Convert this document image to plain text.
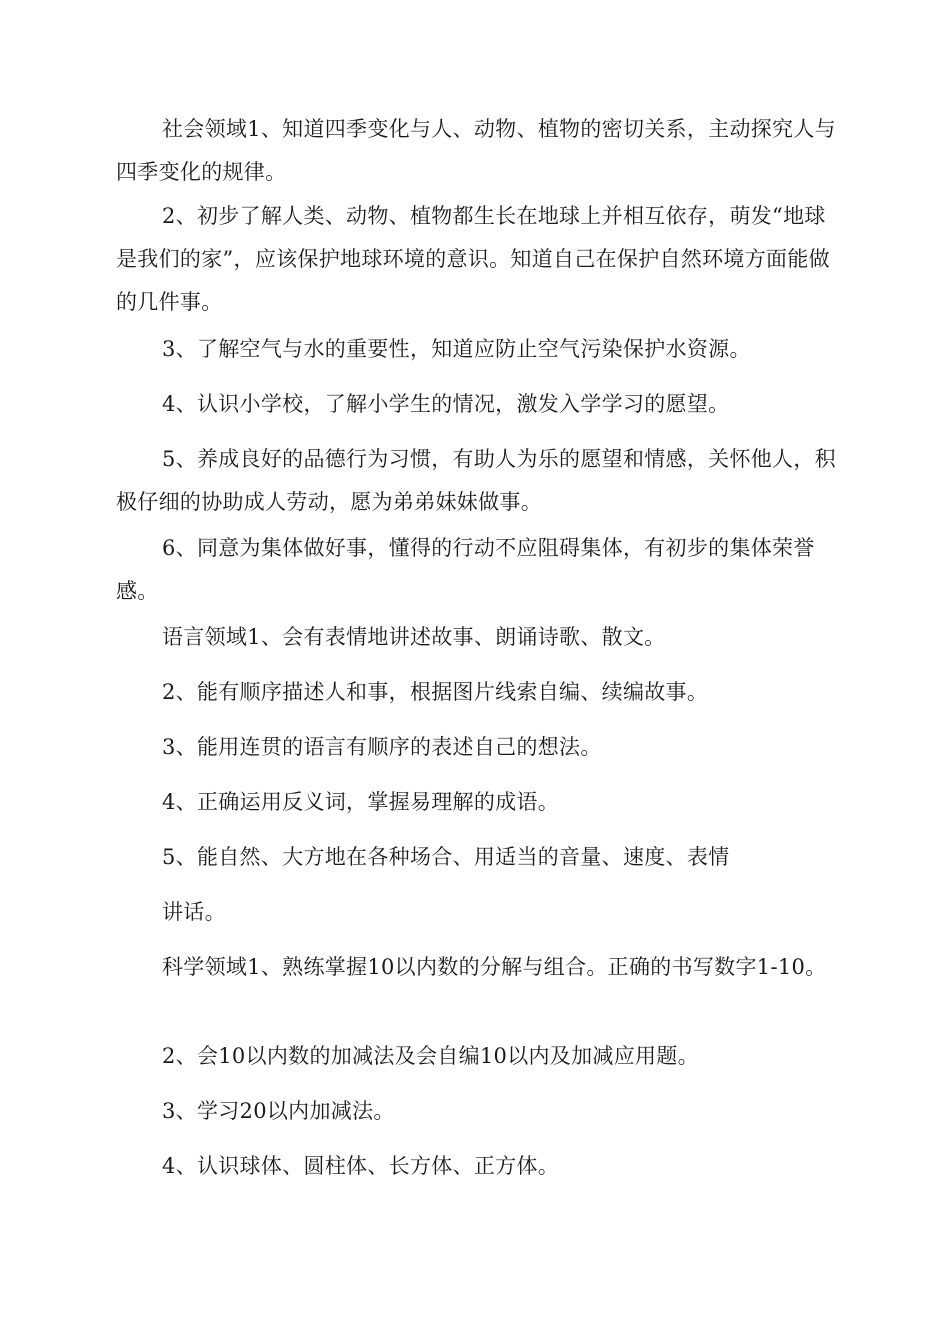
社会领域1、知道四季变化与人、动物、植物的密切关系，主动探究人与四季变化的规律。

2、初步了解人类、动物、植物都生长在地球上并相互依存，萌发“地球是我们的家”，应该保护地球环境的意识。知道自己在保护自然环境方面能做的几件事。

3、了解空气与水的重要性，知道应防止空气污染保护水资源。

4、认识小学校，了解小学生的情况，激发入学学习的愿望。

5、养成良好的品德行为习惯，有助人为乐的愿望和情感，关怀他人，积极仔细的协助成人劳动，愿为弟弟妹妹做事。

6、同意为集体做好事，懂得的行动不应阻碍集体，有初步的集体荣誉感。

语言领域1、会有表情地讲述故事、朗诵诗歌、散文。

2、能有顺序描述人和事，根据图片线索自编、续编故事。

3、能用连贯的语言有顺序的表述自己的想法。

4、正确运用反义词，掌握易理解的成语。

5、能自然、大方地在各种场合、用适当的音量、速度、表情

讲话。

科学领域1、熟练掌握10以内数的分解与组合。正确的书写数字1-10。

2、会10以内数的加减法及会自编10以内及加减应用题。

3、学习20以内加减法。

4、认识球体、圆柱体、长方体、正方体。
